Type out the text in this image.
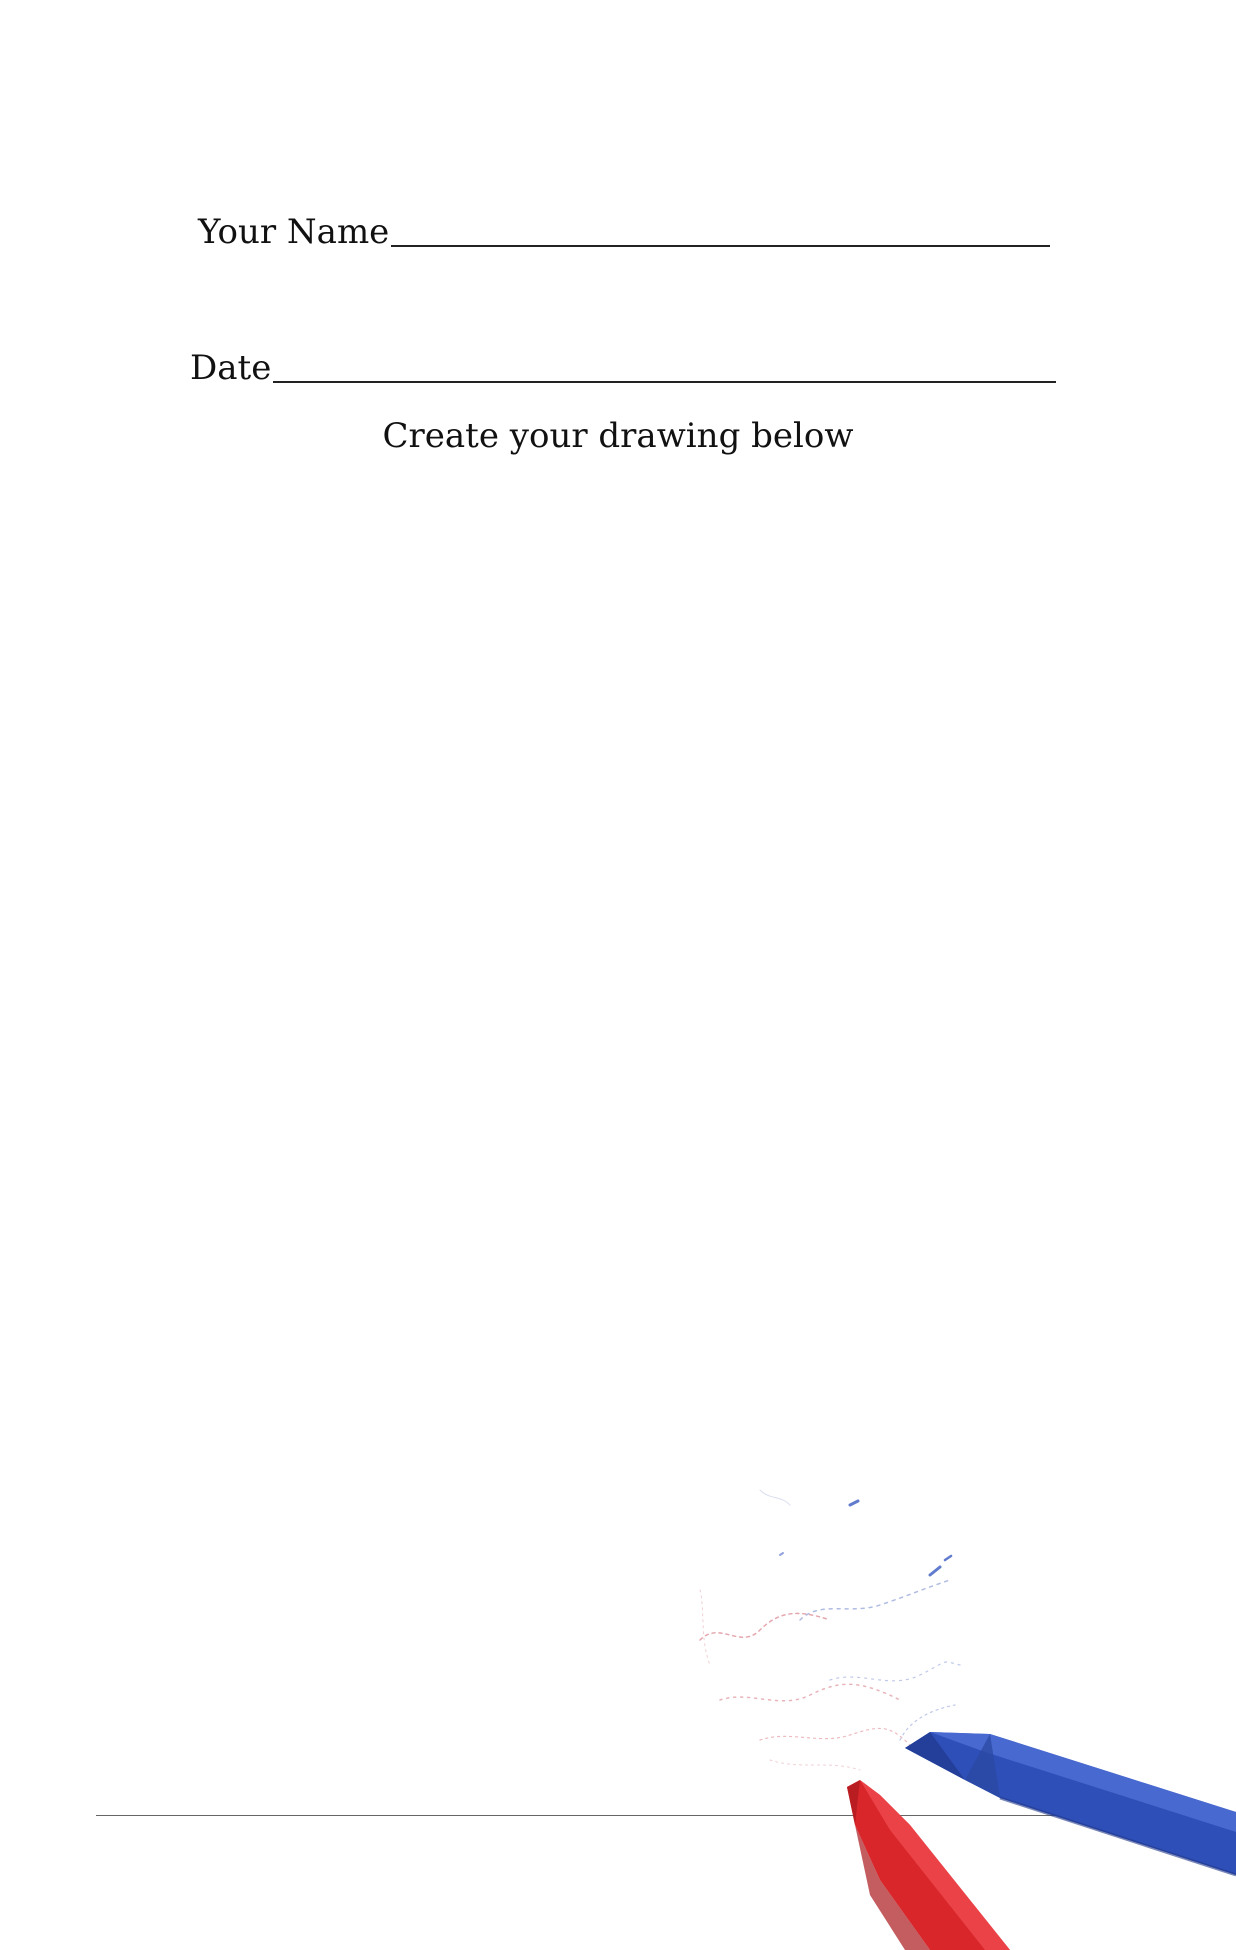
Your Name
Date
Create your drawing below
